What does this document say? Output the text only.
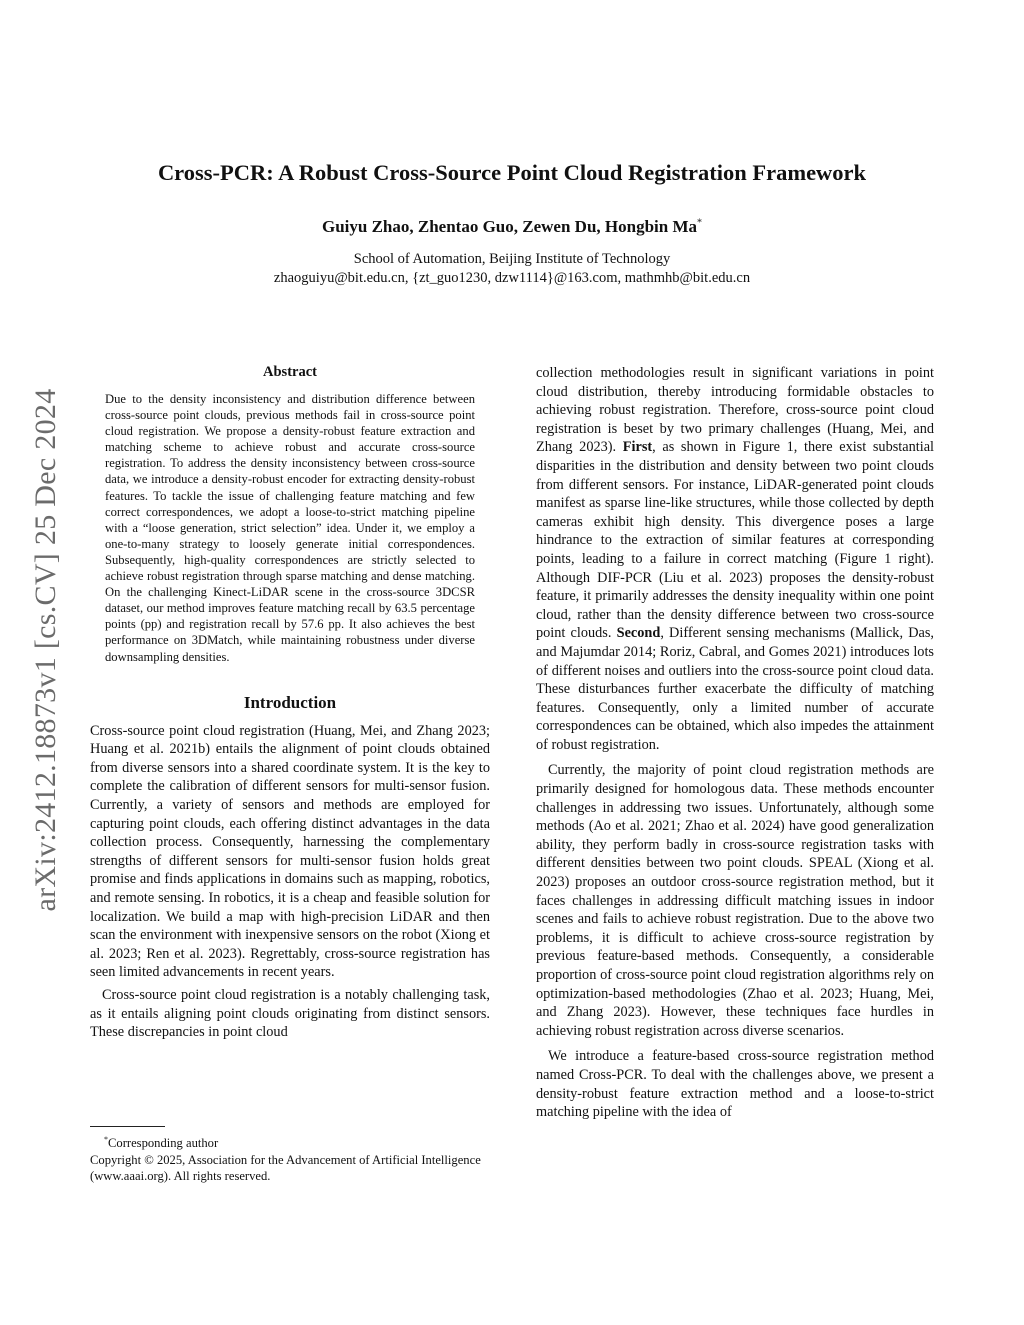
arXiv:2412.18873v1 [cs.CV] 25 Dec 2024
Cross-PCR: A Robust Cross-Source Point Cloud Registration Framework
Guiyu Zhao, Zhentao Guo, Zewen Du, Hongbin Ma*
School of Automation, Beijing Institute of Technology
zhaoguiyu@bit.edu.cn, {zt_guo1230, dzw1114}@163.com, mathmhb@bit.edu.cn
Abstract

Due to the density inconsistency and distribution difference between cross-source point clouds, previous methods fail in cross-source point cloud registration. We propose a density-robust feature extraction and matching scheme to achieve robust and accurate cross-source registration. To address the density inconsistency between cross-source data, we introduce a density-robust encoder for extracting density-robust features. To tackle the issue of challenging feature matching and few correct correspondences, we adopt a loose-to-strict matching pipeline with a “loose generation, strict selection” idea. Under it, we employ a one-to-many strategy to loosely generate initial correspondences. Subsequently, high-quality correspondences are strictly selected to achieve robust registration through sparse matching and dense matching. On the challenging Kinect-LiDAR scene in the cross-source 3DCSR dataset, our method improves feature matching recall by 63.5 percentage points (pp) and registration recall by 57.6 pp. It also achieves the best performance on 3DMatch, while maintaining robustness under diverse downsampling densities.

Introduction

Cross-source point cloud registration (Huang, Mei, and Zhang 2023; Huang et al. 2021b) entails the alignment of point clouds obtained from diverse sensors into a shared coordinate system. It is the key to complete the calibration of different sensors for multi-sensor fusion. Currently, a variety of sensors and methods are employed for capturing point clouds, each offering distinct advantages in the data collection process. Consequently, harnessing the complementary strengths of different sensors for multi-sensor fusion holds great promise and finds applications in domains such as mapping, robotics, and remote sensing. In robotics, it is a cheap and feasible solution for localization. We build a map with high-precision LiDAR and then scan the environment with inexpensive sensors on the robot (Xiong et al. 2023; Ren et al. 2023). Regrettably, cross-source registration has seen limited advancements in recent years.

Cross-source point cloud registration is a notably challenging task, as it entails aligning point clouds originating from distinct sensors. These discrepancies in point cloud

collection methodologies result in significant variations in point cloud distribution, thereby introducing formidable obstacles to achieving robust registration. Therefore, cross-source point cloud registration is beset by two primary challenges (Huang, Mei, and Zhang 2023). First, as shown in Figure 1, there exist substantial disparities in the distribution and density between two point clouds from different sensors. For instance, LiDAR-generated point clouds manifest as sparse line-like structures, while those collected by depth cameras exhibit high density. This divergence poses a large hindrance to the extraction of similar features at corresponding points, leading to a failure in correct matching (Figure 1 right). Although DIF-PCR (Liu et al. 2023) proposes the density-robust feature, it primarily addresses the density inequality within one point cloud, rather than the density difference between two cross-source point clouds. Second, Different sensing mechanisms (Mallick, Das, and Majumdar 2014; Roriz, Cabral, and Gomes 2021) introduces lots of different noises and outliers into the cross-source point cloud data. These disturbances further exacerbate the difficulty of matching features. Consequently, only a limited number of accurate correspondences can be obtained, which also impedes the attainment of robust registration.

Currently, the majority of point cloud registration methods are primarily designed for homologous data. These methods encounter challenges in addressing two issues. Unfortunately, although some methods (Ao et al. 2021; Zhao et al. 2024) have good generalization ability, they perform badly in cross-source registration tasks with different densities between two point clouds. SPEAL (Xiong et al. 2023) proposes an outdoor cross-source registration method, but it faces challenges in addressing difficult matching issues in indoor scenes and fails to achieve robust registration. Due to the above two problems, it is difficult to achieve cross-source registration by previous feature-based methods. Consequently, a considerable proportion of cross-source point cloud registration algorithms rely on optimization-based methodologies (Zhao et al. 2023; Huang, Mei, and Zhang 2023). However, these techniques face hurdles in achieving robust registration across diverse scenarios.

We introduce a feature-based cross-source registration method named Cross-PCR. To deal with the challenges above, we present a density-robust feature extraction method and a loose-to-strict matching pipeline with the idea of

*Corresponding author

Copyright © 2025, Association for the Advancement of Artificial Intelligence (www.aaai.org). All rights reserved.
